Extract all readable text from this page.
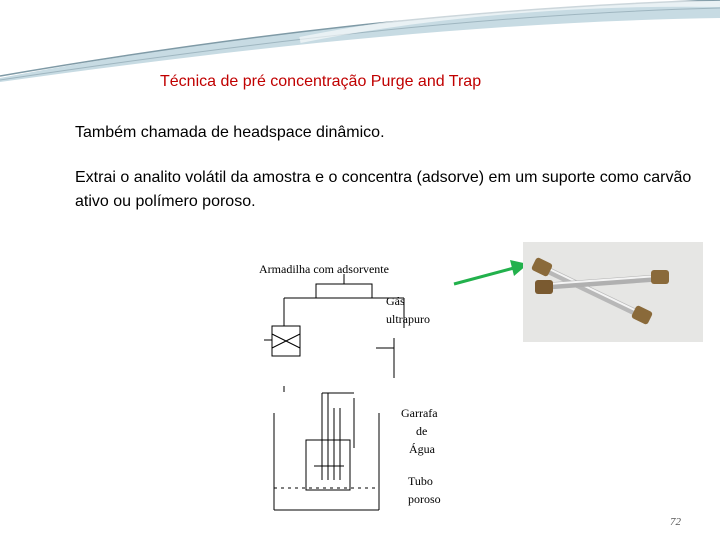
Técnica de pré concentração Purge and Trap
Também chamada de headspace dinâmico.
Extrai o analito volátil da amostra e o concentra (adsorve) em um suporte como carvão ativo ou polímero poroso.
Armadilha com adsorvente
Gás
ultrapuro
Garrafa
de
Água
Tubo
poroso
72
